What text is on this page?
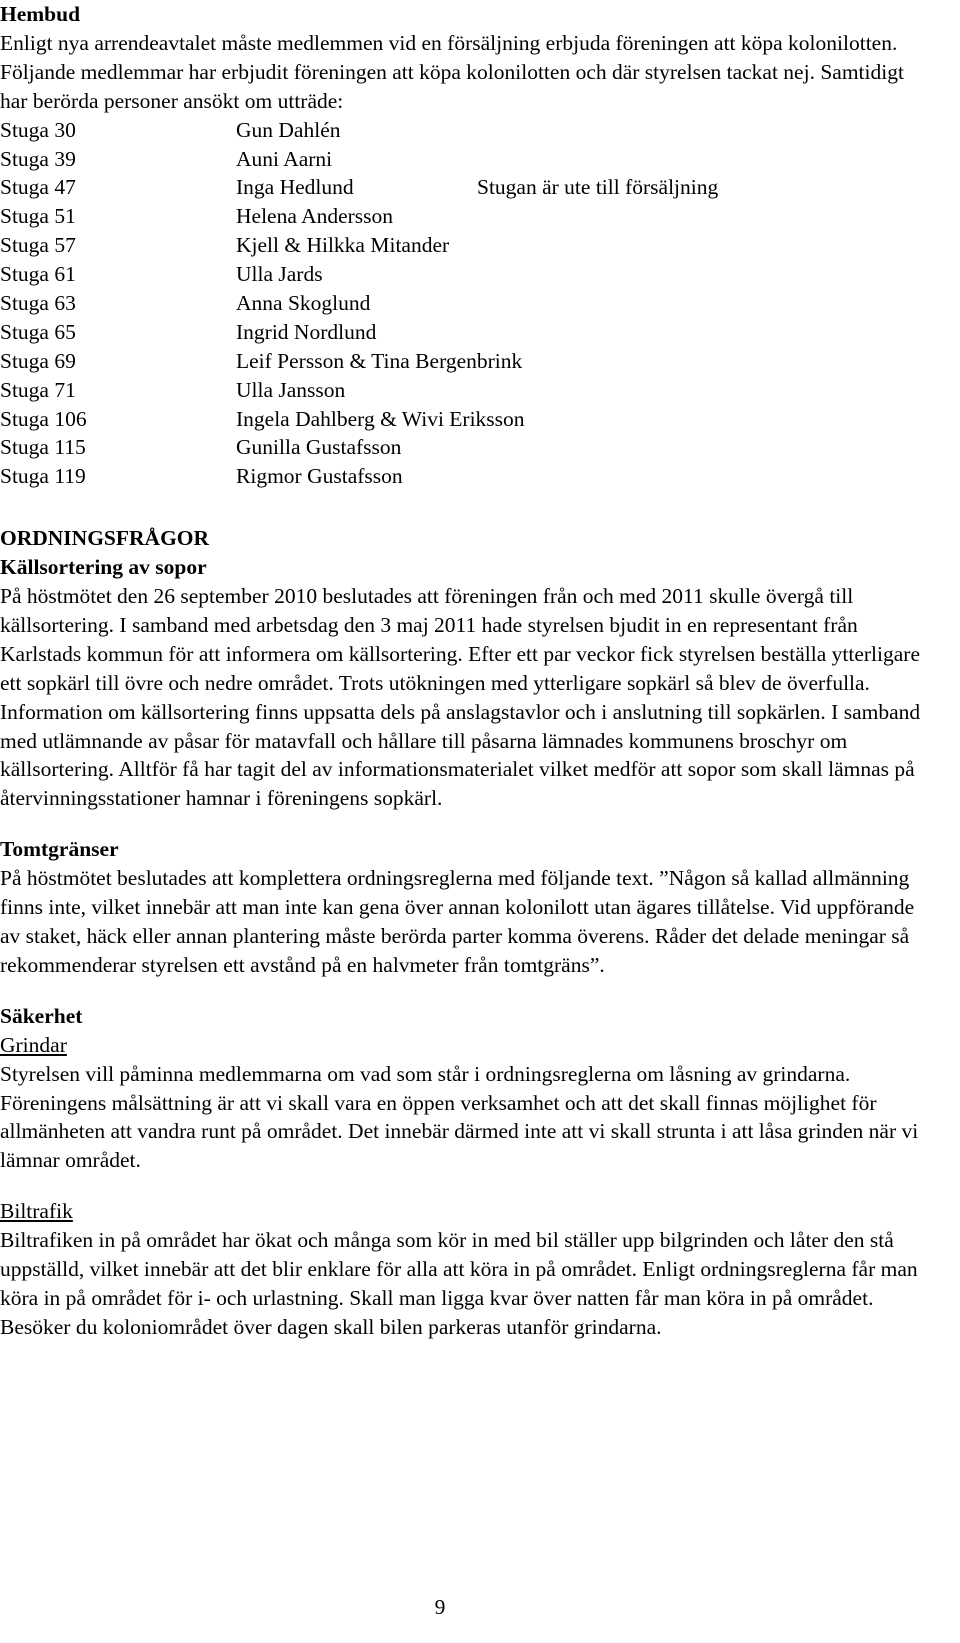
Hembud

Enligt nya arrendeavtalet måste medlemmen vid en försäljning erbjuda föreningen att köpa kolonilotten. Följande medlemmar har erbjudit föreningen att köpa kolonilotten och där styrelsen tackat nej. Samtidigt har berörda personer ansökt om utträde:

Stuga 30	Gun Dahlén
Stuga 39	Auni Aarni
Stuga 47	Inga Hedlund	Stugan är ute till försäljning
Stuga 51	Helena Andersson
Stuga 57	Kjell & Hilkka Mitander
Stuga 61	Ulla Jards
Stuga 63	Anna Skoglund
Stuga 65	Ingrid Nordlund
Stuga 69	Leif Persson & Tina Bergenbrink
Stuga 71	Ulla Jansson
Stuga 106	Ingela Dahlberg & Wivi Eriksson
Stuga 115	Gunilla Gustafsson
Stuga 119	Rigmor Gustafsson

ORDNINGSFRÅGOR

Källsortering av sopor

På höstmötet den 26 september 2010 beslutades att föreningen från och med 2011 skulle övergå till källsortering. I samband med arbetsdag den 3 maj 2011 hade styrelsen bjudit in en representant från Karlstads kommun för att informera om källsortering. Efter ett par veckor fick styrelsen beställa ytterligare ett sopkärl till övre och nedre området. Trots utökningen med ytterligare sopkärl så blev de överfulla. Information om källsortering finns uppsatta dels på anslagstavlor och i anslutning till sopkärlen. I samband med utlämnande av påsar för matavfall och hållare till påsarna lämnades kommunens broschyr om källsortering. Alltför få har tagit del av informationsmaterialet vilket medför att sopor som skall lämnas på återvinningsstationer hamnar i föreningens sopkärl.

Tomtgränser

På höstmötet beslutades att komplettera ordningsreglerna med följande text. ”Någon så kallad allmänning finns inte, vilket innebär att man inte kan gena över annan kolonilott utan ägares tillåtelse. Vid uppförande av staket, häck eller annan plantering måste berörda parter komma överens. Råder det delade meningar så rekommenderar styrelsen ett avstånd på en halvmeter från tomtgräns”.

Säkerhet

Grindar

Styrelsen vill påminna medlemmarna om vad som står i ordningsreglerna om låsning av grindarna. Föreningens målsättning är att vi skall vara en öppen verksamhet och att det skall finnas möjlighet för allmänheten att vandra runt på området. Det innebär därmed inte att vi skall strunta i att låsa grinden när vi lämnar området.

Biltrafik

Biltrafiken in på området har ökat och många som kör in med bil ställer upp bilgrinden och låter den stå uppställd, vilket innebär att det blir enklare för alla att köra in på området. Enligt ordningsreglerna får man köra in på området för i- och urlastning. Skall man ligga kvar över natten får man köra in på området. Besöker du koloniområdet över dagen skall bilen parkeras utanför grindarna.

9
